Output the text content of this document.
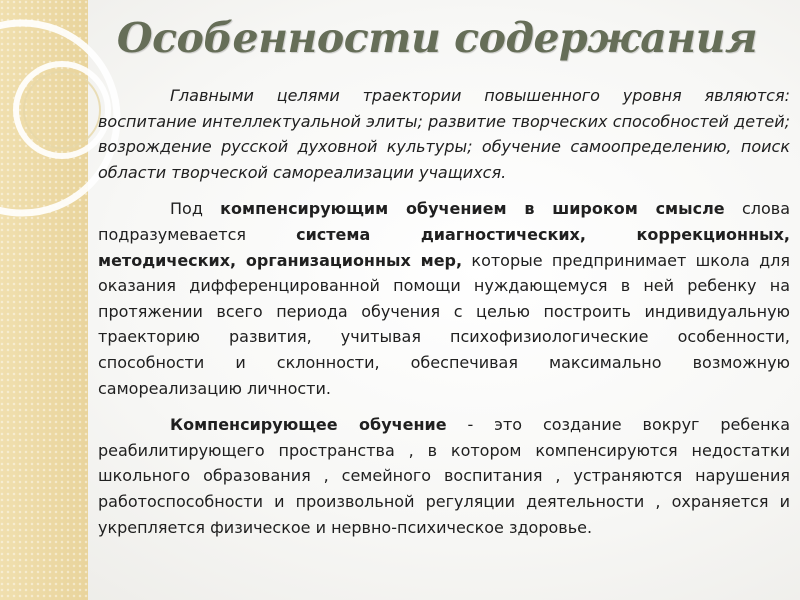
Особенности содержания

Главными целями траектории повышенного уровня являются: воспитание интеллектуальной элиты; развитие творческих способностей детей; возрождение русской духовной культуры; обучение самоопределению, поиск области творческой самореализации учащихся.

Под компенсирующим обучением в широком смысле слова подразумевается система диагностических, коррекционных, методических, организационных мер, которые предпринимает школа для оказания дифференцированной помощи нуждающемуся в ней ребенку на протяжении всего периода обучения с целью построить индивидуальную траекторию развития, учитывая психофизиологические особенности, способности и склонности, обеспечивая максимально возможную самореализацию личности.

Компенсирующее обучение - это создание вокруг ребенка реабилитирующего пространства , в котором компенсируются недостатки школьного образования , семейного воспитания , устраняются нарушения работоспособности и произвольной регуляции деятельности , охраняется и укрепляется физическое и нервно-психическое здоровье.
